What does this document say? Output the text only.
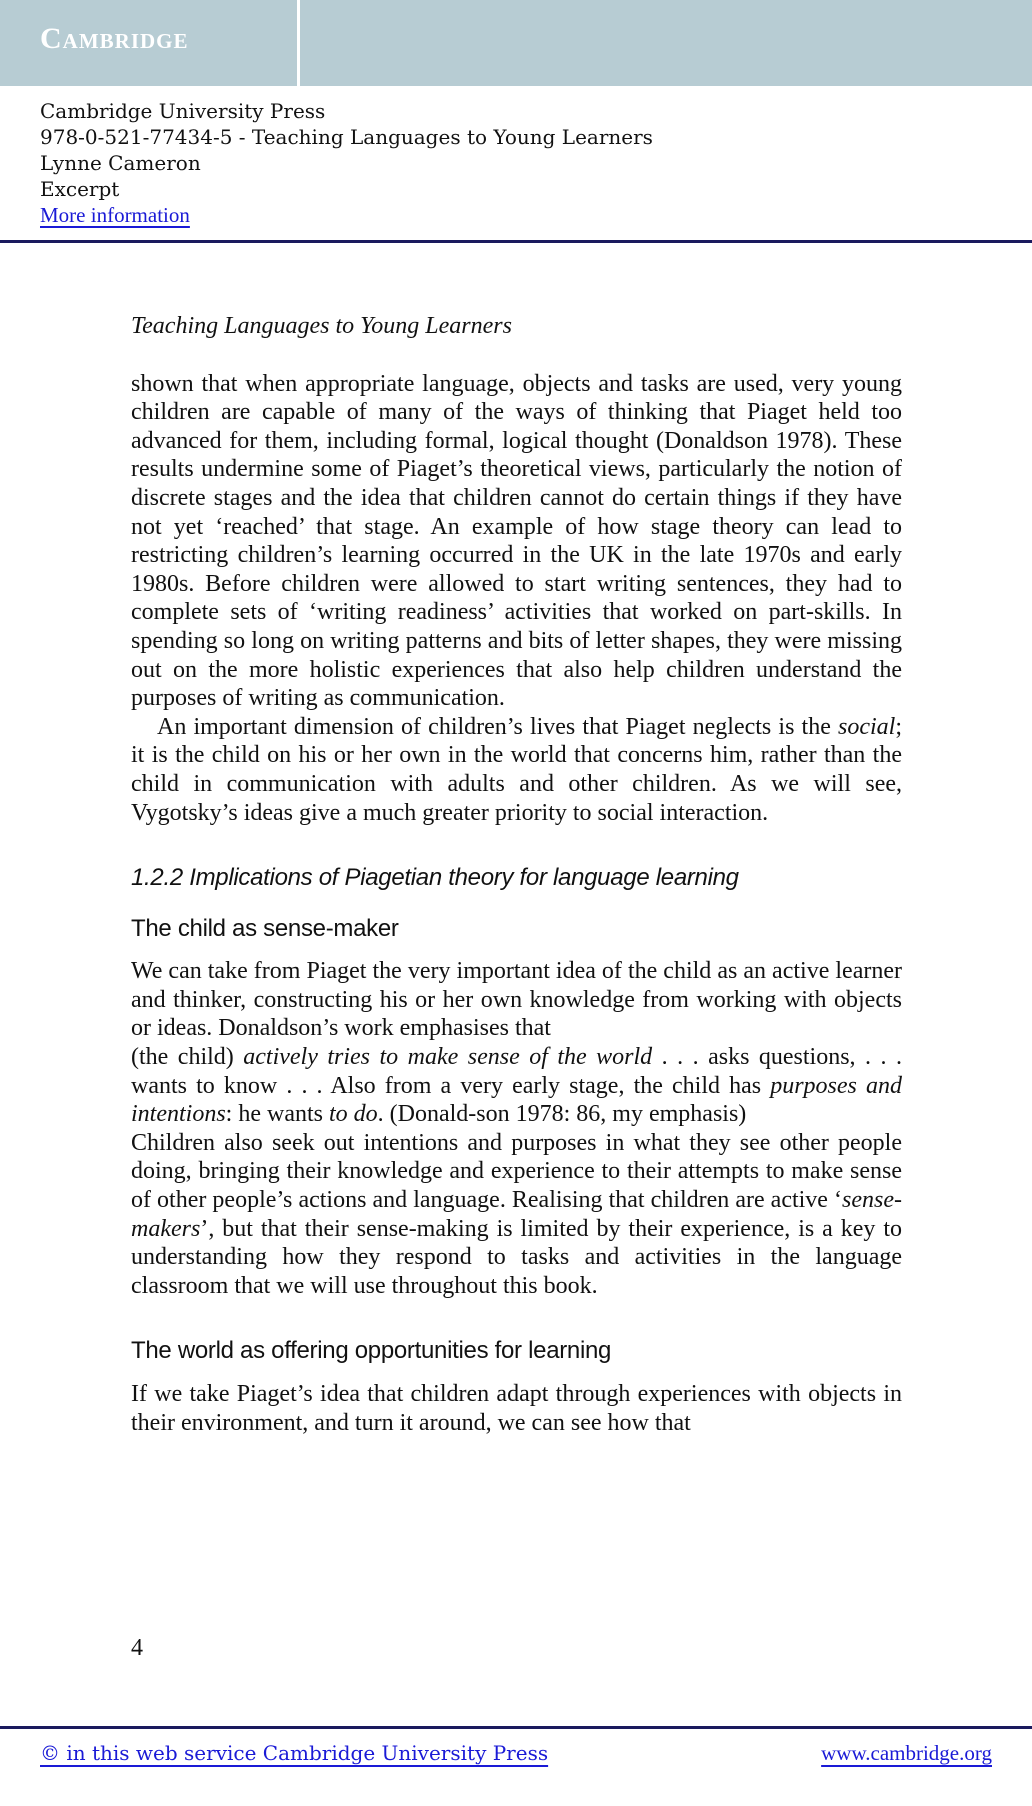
Cambridge
Cambridge University Press
978-0-521-77434-5 - Teaching Languages to Young Learners
Lynne Cameron
Excerpt
More information
Teaching Languages to Young Learners

shown that when appropriate language, objects and tasks are used, very young children are capable of many of the ways of thinking that Piaget held too advanced for them, including formal, logical thought (Donaldson 1978). These results undermine some of Piaget’s theoretical views, particularly the notion of discrete stages and the idea that children cannot do certain things if they have not yet ‘reached’ that stage. An example of how stage theory can lead to restricting children’s learning occurred in the UK in the late 1970s and early 1980s. Before children were allowed to start writing sentences, they had to complete sets of ‘writing readiness’ activities that worked on part-skills. In spending so long on writing patterns and bits of letter shapes, they were missing out on the more holistic experiences that also help children understand the purposes of writing as communication.

An important dimension of children’s lives that Piaget neglects is the social; it is the child on his or her own in the world that concerns him, rather than the child in communication with adults and other children. As we will see, Vygotsky’s ideas give a much greater priority to social interaction.

1.2.2 Implications of Piagetian theory for language learning
The child as sense-maker

We can take from Piaget the very important idea of the child as an active learner and thinker, constructing his or her own knowledge from working with objects or ideas. Donaldson’s work emphasises that

(the child) actively tries to make sense of the world . . . asks questions, . . . wants to know . . . Also from a very early stage, the child has purposes and intentions: he wants to do. (Donald-son 1978: 86, my emphasis)

Children also seek out intentions and purposes in what they see other people doing, bringing their knowledge and experience to their attempts to make sense of other people’s actions and language. Realising that children are active ‘sense-makers’, but that their sense-making is limited by their experience, is a key to understanding how they respond to tasks and activities in the language classroom that we will use throughout this book.

The world as offering opportunities for learning

If we take Piaget’s idea that children adapt through experiences with objects in their environment, and turn it around, we can see how that

4
© in this web service Cambridge University Press	www.cambridge.org
